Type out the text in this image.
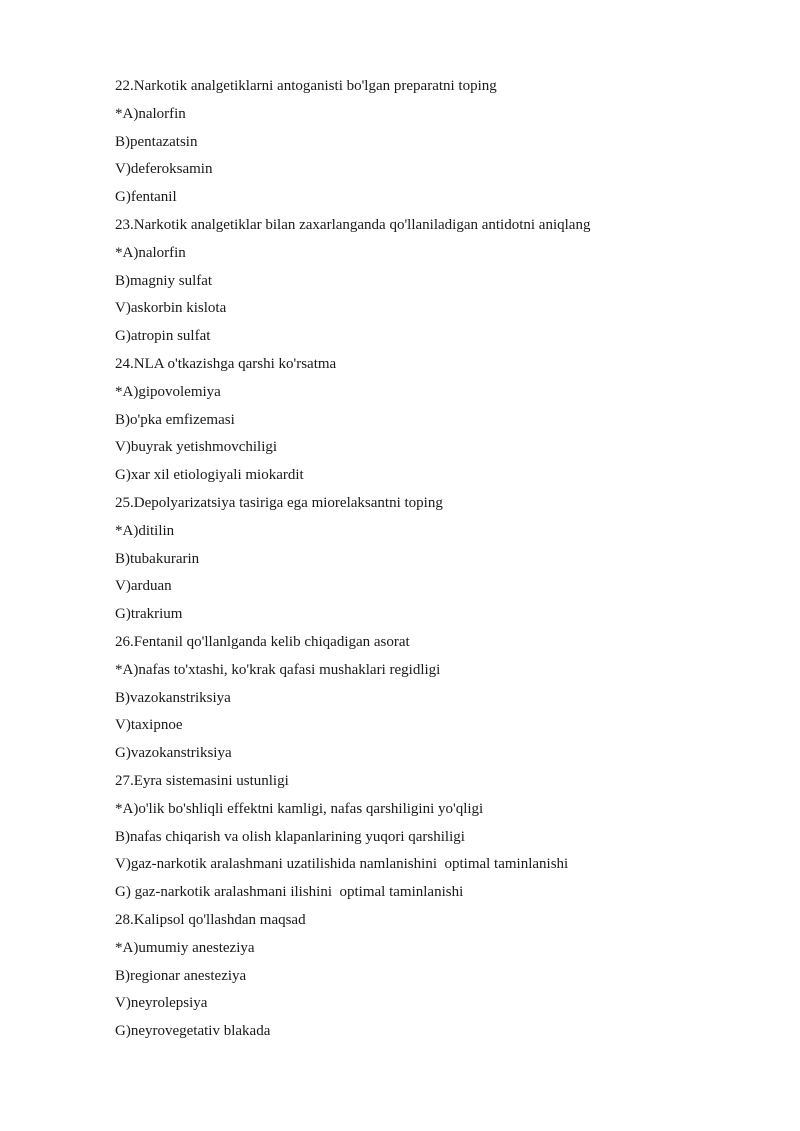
22.Narkotik analgetiklarni antoganisti bo'lgan preparatni toping

*A)nalorfin

B)pentazatsin

V)deferoksamin

G)fentanil

23.Narkotik analgetiklar bilan zaxarlanganda qo'llaniladigan antidotni aniqlang

*A)nalorfin

B)magniy sulfat

V)askorbin kislota

G)atropin sulfat

24.NLA o'tkazishga qarshi ko'rsatma

*A)gipovolemiya

B)o'pka emfizemasi

V)buyrak yetishmovchiligi

G)xar xil etiologiyali miokardit

25.Depolyarizatsiya tasiriga ega miorelaksantni toping

*A)ditilin

B)tubakurarin

V)arduan

G)trakrium

26.Fentanil qo'llanlganda kelib chiqadigan asorat

*A)nafas to'xtashi, ko'krak qafasi mushaklari regidligi

B)vazokanstriksiya

V)taxipnoe

G)vazokanstriksiya

27.Eyra sistemasini ustunligi

*A)o'lik bo'shliqli effektni kamligi, nafas qarshiligini yo'qligi

B)nafas chiqarish va olish klapanlarining yuqori qarshiligi

V)gaz-narkotik aralashmani uzatilishida namlanishini  optimal taminlanishi

G) gaz-narkotik aralashmani ilishini  optimal taminlanishi

28.Kalipsol qo'llashdan maqsad

*A)umumiy anesteziya

B)regionar anesteziya

V)neyrolepsiya

G)neyrovegetativ blakada
